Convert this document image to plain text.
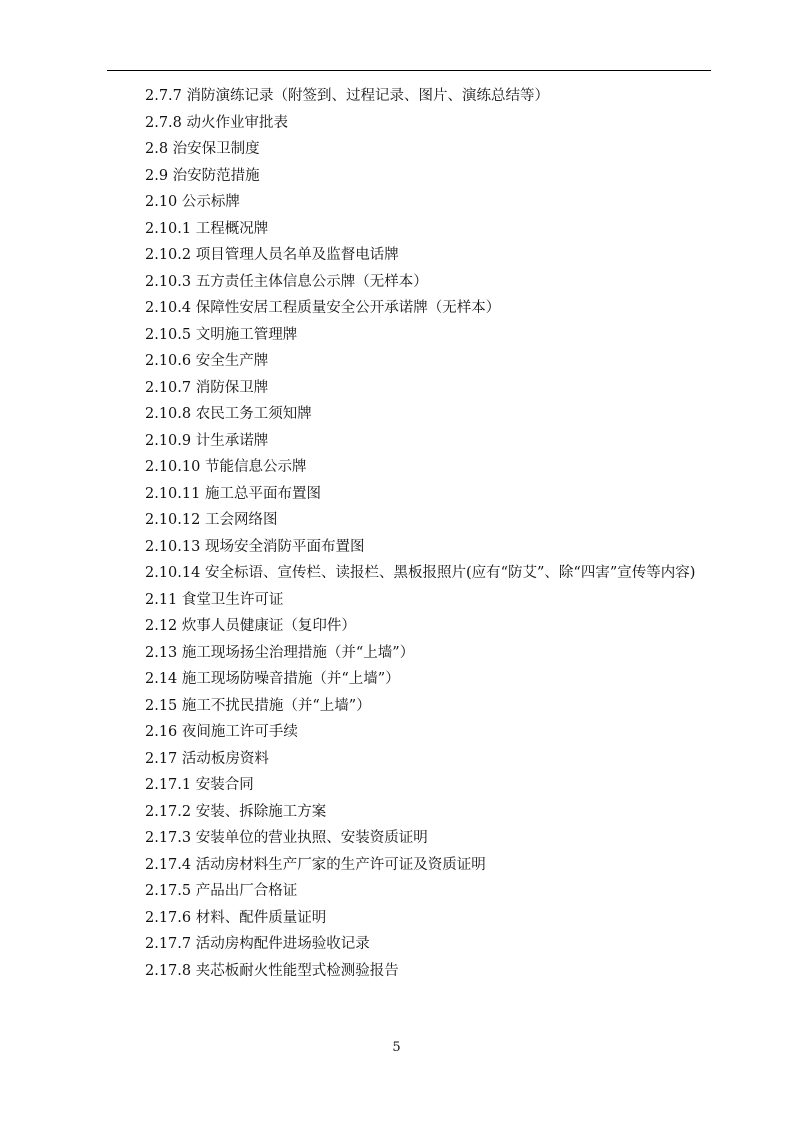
2.7.7 消防演练记录（附签到、过程记录、图片、演练总结等）
2.7.8 动火作业审批表
2.8 治安保卫制度
2.9 治安防范措施
2.10 公示标牌
2.10.1 工程概况牌
2.10.2 项目管理人员名单及监督电话牌
2.10.3 五方责任主体信息公示牌（无样本）
2.10.4 保障性安居工程质量安全公开承诺牌（无样本）
2.10.5 文明施工管理牌
2.10.6 安全生产牌
2.10.7 消防保卫牌
2.10.8 农民工务工须知牌
2.10.9 计生承诺牌
2.10.10 节能信息公示牌
2.10.11 施工总平面布置图
2.10.12 工会网络图
2.10.13 现场安全消防平面布置图
2.10.14 安全标语、宣传栏、读报栏、黑板报照片(应有“防艾”、除“四害”宣传等内容)
2.11 食堂卫生许可证
2.12 炊事人员健康证（复印件）
2.13 施工现场扬尘治理措施（并“上墙”）
2.14 施工现场防噪音措施（并“上墙”）
2.15 施工不扰民措施（并“上墙”）
2.16 夜间施工许可手续
2.17 活动板房资料
2.17.1 安装合同
2.17.2 安装、拆除施工方案
2.17.3 安装单位的营业执照、安装资质证明
2.17.4 活动房材料生产厂家的生产许可证及资质证明
2.17.5 产品出厂合格证
2.17.6 材料、配件质量证明
2.17.7 活动房构配件进场验收记录
2.17.8 夹芯板耐火性能型式检测验报告
5
